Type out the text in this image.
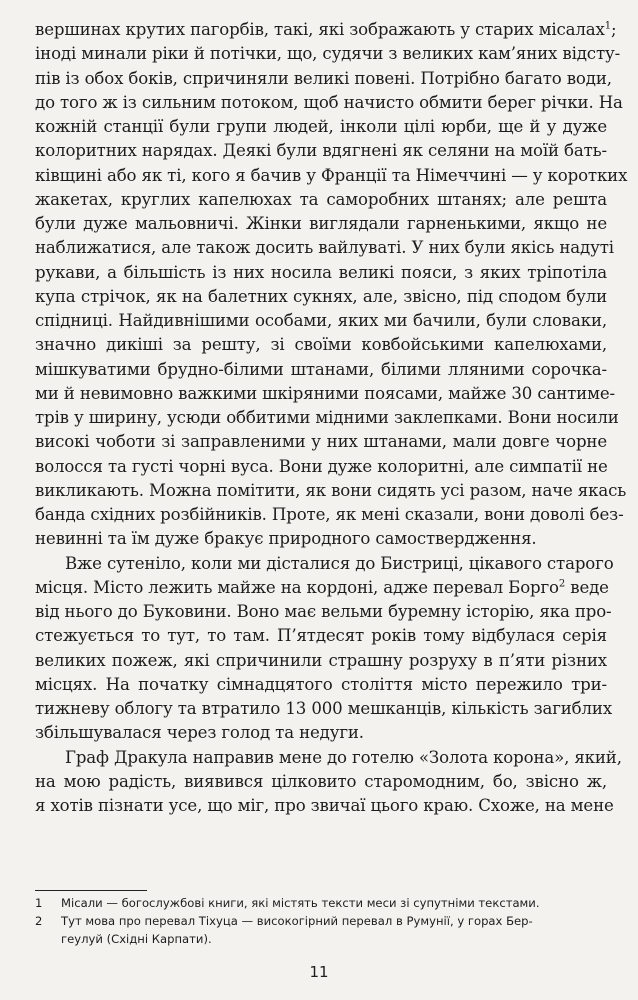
вершинах крутих пагорбів, такі, які зображають у старих місалах$^1$;
іноді минали ріки й потічки, що, судячи з великих кам’яних відсту-
пів із обох боків, спричиняли великі повені. Потрібно багато води,
до того ж із сильним потоком, щоб начисто обмити берег річки. На
кожній станції були групи людей, інколи цілі юрби, ще й у дуже
колоритних нарядах. Деякі були вдягнені як селяни на моїй бать-
ківщині або як ті, кого я бачив у Франції та Німеччині — у коротких
жакетах, круглих капелюхах та саморобних штанях; але решта
були дуже мальовничі. Жінки виглядали гарненькими, якщо не
наближатися, але також досить вайлуваті. У них були якісь надуті
рукави, а більшість із них носила великі пояси, з яких тріпотіла
купа стрічок, як на балетних сукнях, але, звісно, під сподом були
спідниці. Найдивнішими особами, яких ми бачили, були словаки,
значно дикіші за решту, зі своїми ковбойськими капелюхами,
мішкуватими брудно-білими штанами, білими лляними сорочка-
ми й невимовно важкими шкіряними поясами, майже 30 сантиме-
трів у ширину, усюди оббитими мідними заклепками. Вони носили
високі чоботи зі заправленими у них штанами, мали довге чорне
волосся та густі чорні вуса. Вони дуже колоритні, але симпатії не
викликають. Можна помітити, як вони сидять усі разом, наче якась
банда східних розбійників. Проте, як мені сказали, вони доволі без-
невинні та їм дуже бракує природного самоствердження.
Вже сутеніло, коли ми дісталися до Бистриці, цікавого старого
місця. Місто лежить майже на кордоні, адже перевал Борго$^2$ веде
від нього до Буковини. Воно має вельми буремну історію, яка про-
стежується то тут, то там. П’ятдесят років тому відбулася серія
великих пожеж, які спричинили страшну розруху в п’яти різних
місцях. На початку сімнадцятого століття місто пережило три-
тижневу облогу та втратило 13 000 мешканців, кількість загиблих
збільшувалася через голод та недуги.
Граф Дракула направив мене до готелю «Золота корона», який,
на мою радість, виявився цілковито старомодним, бо, звісно ж,
я хотів пізнати усе, що міг, про звичаї цього краю. Схоже, на мене
1	Місали — богослужбові книги, які містять тексти меси зі супутніми текстами.
2	Тут мова про перевал Тіхуца — високогірний перевал в Румунії, у горах Бер-
геулуй (Східні Карпати).
11
